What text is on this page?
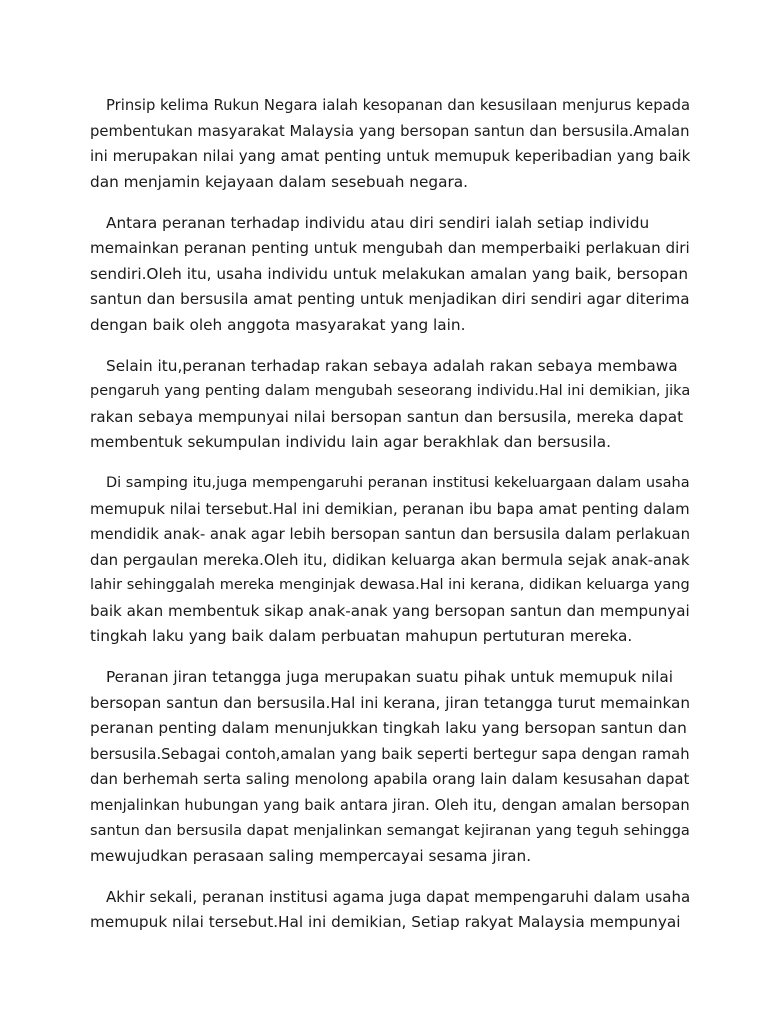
Prinsip kelima Rukun Negara ialah kesopanan dan kesusilaan menjurus kepada
pembentukan masyarakat Malaysia yang bersopan santun dan bersusila.Amalan
ini merupakan nilai yang amat penting untuk memupuk keperibadian yang baik
dan menjamin kejayaan dalam sesebuah negara.
Antara peranan terhadap individu atau diri sendiri ialah setiap individu
memainkan peranan penting untuk mengubah dan memperbaiki perlakuan diri
sendiri.Oleh itu, usaha individu untuk melakukan amalan yang baik, bersopan
santun dan bersusila amat penting untuk menjadikan diri sendiri agar diterima
dengan baik oleh anggota masyarakat yang lain.
Selain itu,peranan terhadap rakan sebaya adalah rakan sebaya membawa
pengaruh yang penting dalam mengubah seseorang individu.Hal ini demikian, jika
rakan sebaya mempunyai nilai bersopan santun dan bersusila, mereka dapat
membentuk sekumpulan individu lain agar berakhlak dan bersusila.
Di samping itu,juga mempengaruhi peranan institusi kekeluargaan dalam usaha
memupuk nilai tersebut.Hal ini demikian, peranan ibu bapa amat penting dalam
mendidik anak- anak agar lebih bersopan santun dan bersusila dalam perlakuan
dan pergaulan mereka.Oleh itu, didikan keluarga akan bermula sejak anak-anak
lahir sehinggalah mereka menginjak dewasa.Hal ini kerana, didikan keluarga yang
baik akan membentuk sikap anak-anak yang bersopan santun dan mempunyai
tingkah laku yang baik dalam perbuatan mahupun pertuturan mereka.
Peranan jiran tetangga juga merupakan suatu pihak untuk memupuk nilai
bersopan santun dan bersusila.Hal ini kerana, jiran tetangga turut memainkan
peranan penting dalam menunjukkan tingkah laku yang bersopan santun dan
bersusila.Sebagai contoh,amalan yang baik seperti bertegur sapa dengan ramah
dan berhemah serta saling menolong apabila orang lain dalam kesusahan dapat
menjalinkan hubungan yang baik antara jiran. Oleh itu, dengan amalan bersopan
santun dan bersusila dapat menjalinkan semangat kejiranan yang teguh sehingga
mewujudkan perasaan saling mempercayai sesama jiran.
Akhir sekali, peranan institusi agama juga dapat mempengaruhi dalam usaha
memupuk nilai tersebut.Hal ini demikian, Setiap rakyat Malaysia mempunyai
